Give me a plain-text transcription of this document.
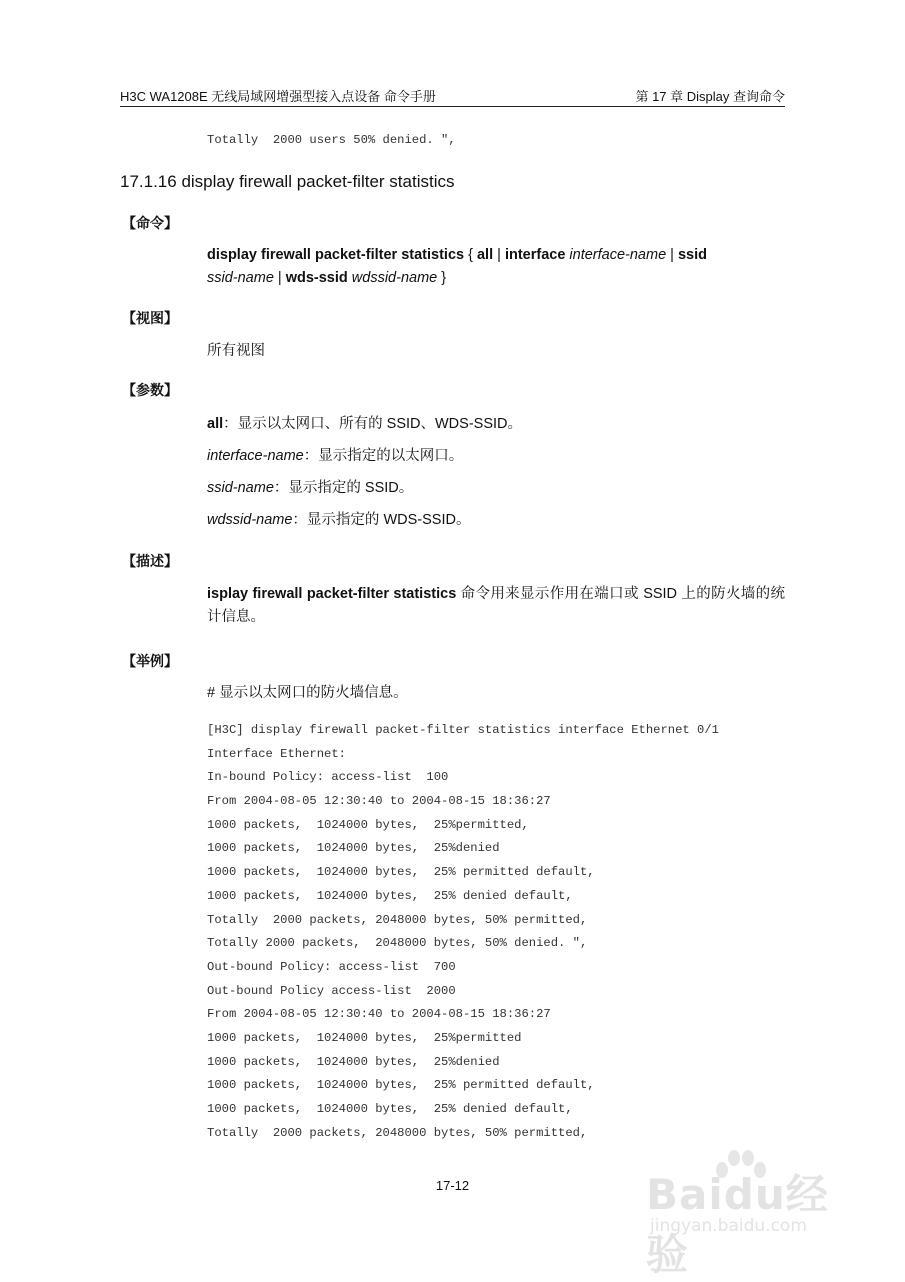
H3C WA1208E 无线局域网增强型接入点设备 命令手册	第 17 章 Display 查询命令
Totally  2000 users 50% denied. ",
17.1.16 display firewall packet-filter statistics
【命令】
display firewall packet-filter statistics { all | interface interface-name | ssid
ssid-name | wds-ssid wdssid-name }
【视图】
所有视图
【参数】
all：显示以太网口、所有的 SSID、WDS-SSID。
interface-name：显示指定的以太网口。
ssid-name：显示指定的 SSID。
wdssid-name：显示指定的 WDS-SSID。
【描述】
isplay firewall packet-filter statistics 命令用来显示作用在端口或 SSID 上的防火墙的统计信息。
【举例】
# 显示以太网口的防火墙信息。
[H3C] display firewall packet-filter statistics interface Ethernet 0/1
Interface Ethernet:
In-bound Policy: access-list  100
From 2004-08-05 12:30:40 to 2004-08-15 18:36:27
1000 packets,  1024000 bytes,  25%permitted,
1000 packets,  1024000 bytes,  25%denied
1000 packets,  1024000 bytes,  25% permitted default,
1000 packets,  1024000 bytes,  25% denied default,
Totally  2000 packets, 2048000 bytes, 50% permitted,
Totally 2000 packets,  2048000 bytes, 50% denied. ",
Out-bound Policy: access-list  700
Out-bound Policy access-list  2000
From 2004-08-05 12:30:40 to 2004-08-15 18:36:27
1000 packets,  1024000 bytes,  25%permitted
1000 packets,  1024000 bytes,  25%denied
1000 packets,  1024000 bytes,  25% permitted default,
1000 packets,  1024000 bytes,  25% denied default,
Totally  2000 packets, 2048000 bytes, 50% permitted,
17-12	Baidu经验
jingyan.baidu.com
